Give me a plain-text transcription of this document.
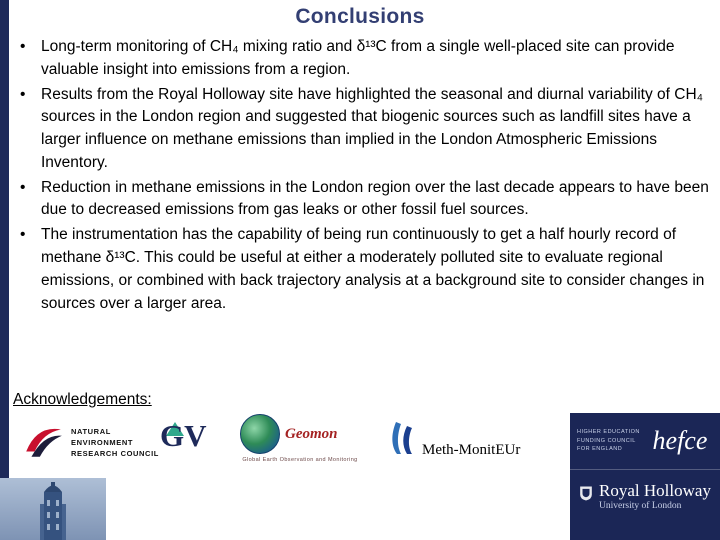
Conclusions
• Long-term monitoring of CH₄ mixing ratio and δ¹³C from a single well-placed site can provide valuable insight into emissions from a region.
• Results from the Royal Holloway site have highlighted the seasonal and diurnal variability of CH₄ sources in the London region and suggested that biogenic sources such as landfill sites have a larger influence on methane emissions than implied in the London Atmospheric Emissions Inventory.
• Reduction in methane emissions in the London region over the last decade appears to have been due to decreased emissions from gas leaks or other fossil fuel sources.
• The instrumentation has the capability of being run continuously to get a half hourly record of methane δ¹³C. This could be useful at either a moderately polluted site to evaluate regional emissions, or combined with back trajectory analysis at a background site to consider changes in sources over a larger area.
Acknowledgements:
NATURAL
ENVIRONMENT
RESEARCH COUNCIL
GV	Geomon
Global Earth Observation and Monitoring
Meth-MonitEUr
HIGHER EDUCATION
FUNDING COUNCIL
FOR ENGLAND	hefce
Royal Holloway
University of London
